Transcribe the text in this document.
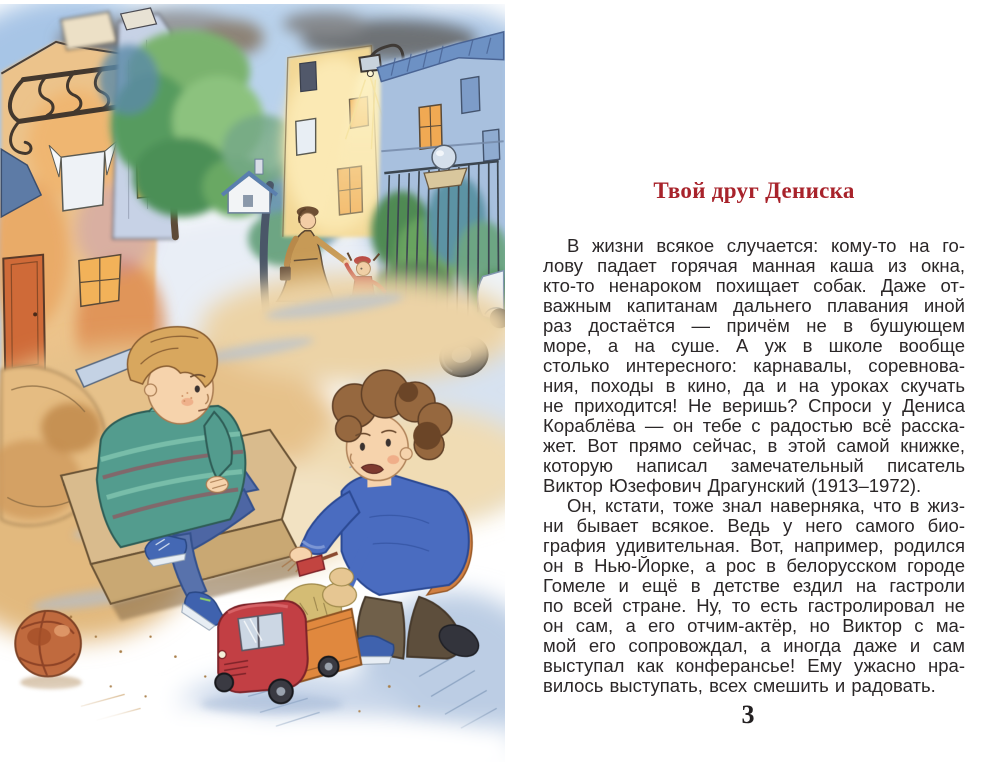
Твой друг Дениска
В жизни всякое случается: кому-то на го-
лову падает горячая манная каша из окна,
кто-то ненароком похищает собак. Даже от-
важным капитанам дальнего плавания иной
раз достаётся — причём не в бушующем
море, а на суше. А уж в школе вообще
столько интересного: карнавалы, соревнова-
ния, походы в кино, да и на уроках скучать
не приходится! Не веришь? Спроси у Дениса
Кораблёва — он тебе с радостью всё расска-
жет. Вот прямо сейчас, в этой самой книжке,
которую написал замечательный писатель
Виктор Юзефович Драгунский (1913–1972).
Он, кстати, тоже знал наверняка, что в жиз-
ни бывает всякое. Ведь у него самого био-
графия удивительная. Вот, например, родился
он в Нью-Йорке, а рос в белорусском городе
Гомеле и ещё в детстве ездил на гастроли
по всей стране. Ну, то есть гастролировал не
он сам, а его отчим-актёр, но Виктор с ма-
мой его сопровождал, а иногда даже и сам
выступал как конферансье! Ему ужасно нра-
вилось выступать, всех смешить и радовать.
3
